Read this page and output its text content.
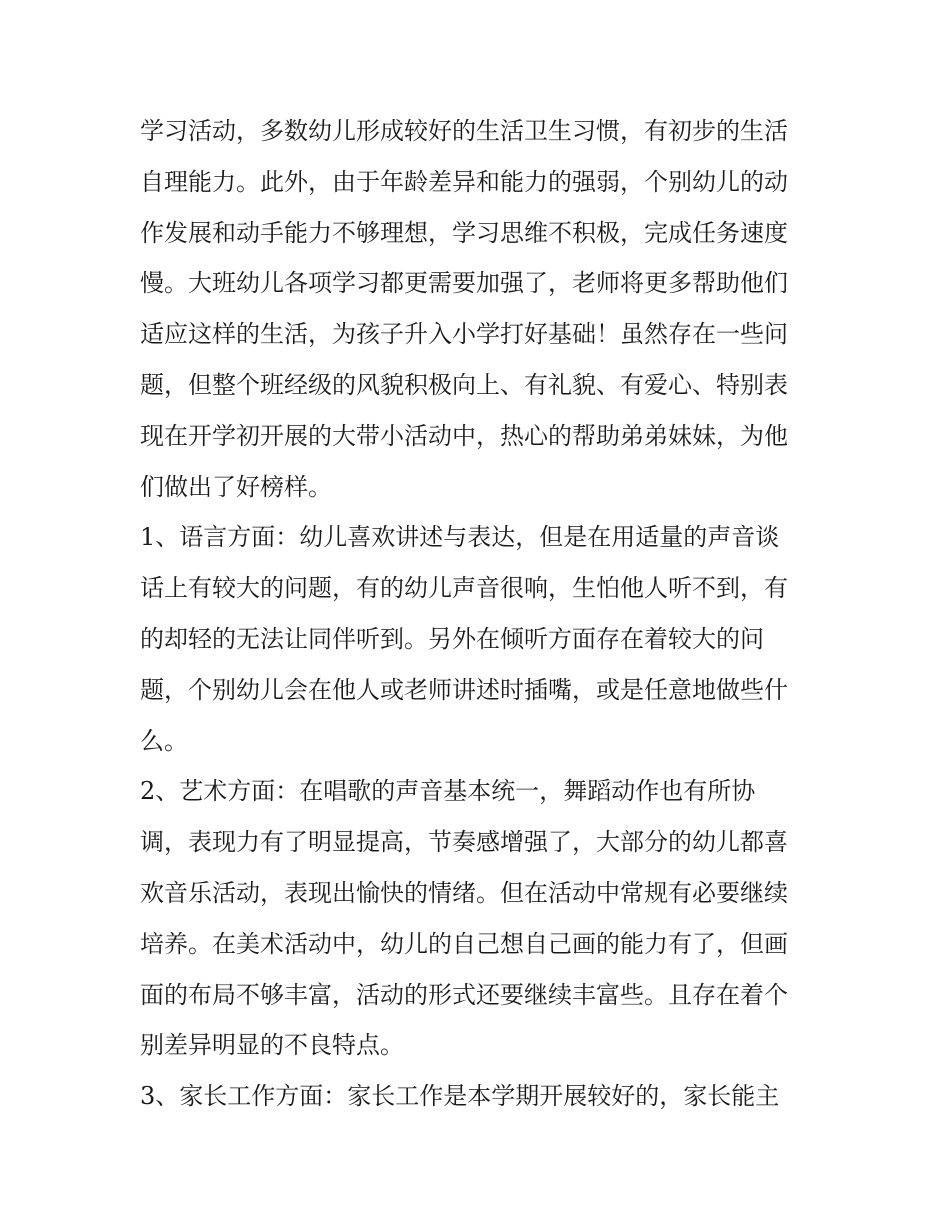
学习活动，多数幼儿形成较好的生活卫生习惯，有初步的生活
自理能力。此外，由于年龄差异和能力的强弱，个别幼儿的动
作发展和动手能力不够理想，学习思维不积极，完成任务速度
慢。大班幼儿各项学习都更需要加强了，老师将更多帮助他们
适应这样的生活，为孩子升入小学打好基础！虽然存在一些问
题，但整个班经级的风貌积极向上、有礼貌、有爱心、特别表
现在开学初开展的大带小活动中，热心的帮助弟弟妹妹，为他
们做出了好榜样。
1、语言方面：幼儿喜欢讲述与表达，但是在用适量的声音谈
话上有较大的问题，有的幼儿声音很响，生怕他人听不到，有
的却轻的无法让同伴听到。另外在倾听方面存在着较大的问
题，个别幼儿会在他人或老师讲述时插嘴，或是任意地做些什
么。
2、艺术方面：在唱歌的声音基本统一，舞蹈动作也有所协
调，表现力有了明显提高，节奏感增强了，大部分的幼儿都喜
欢音乐活动，表现出愉快的情绪。但在活动中常规有必要继续
培养。在美术活动中，幼儿的自己想自己画的能力有了，但画
面的布局不够丰富，活动的形式还要继续丰富些。且存在着个
别差异明显的不良特点。
3、家长工作方面：家长工作是本学期开展较好的，家长能主
